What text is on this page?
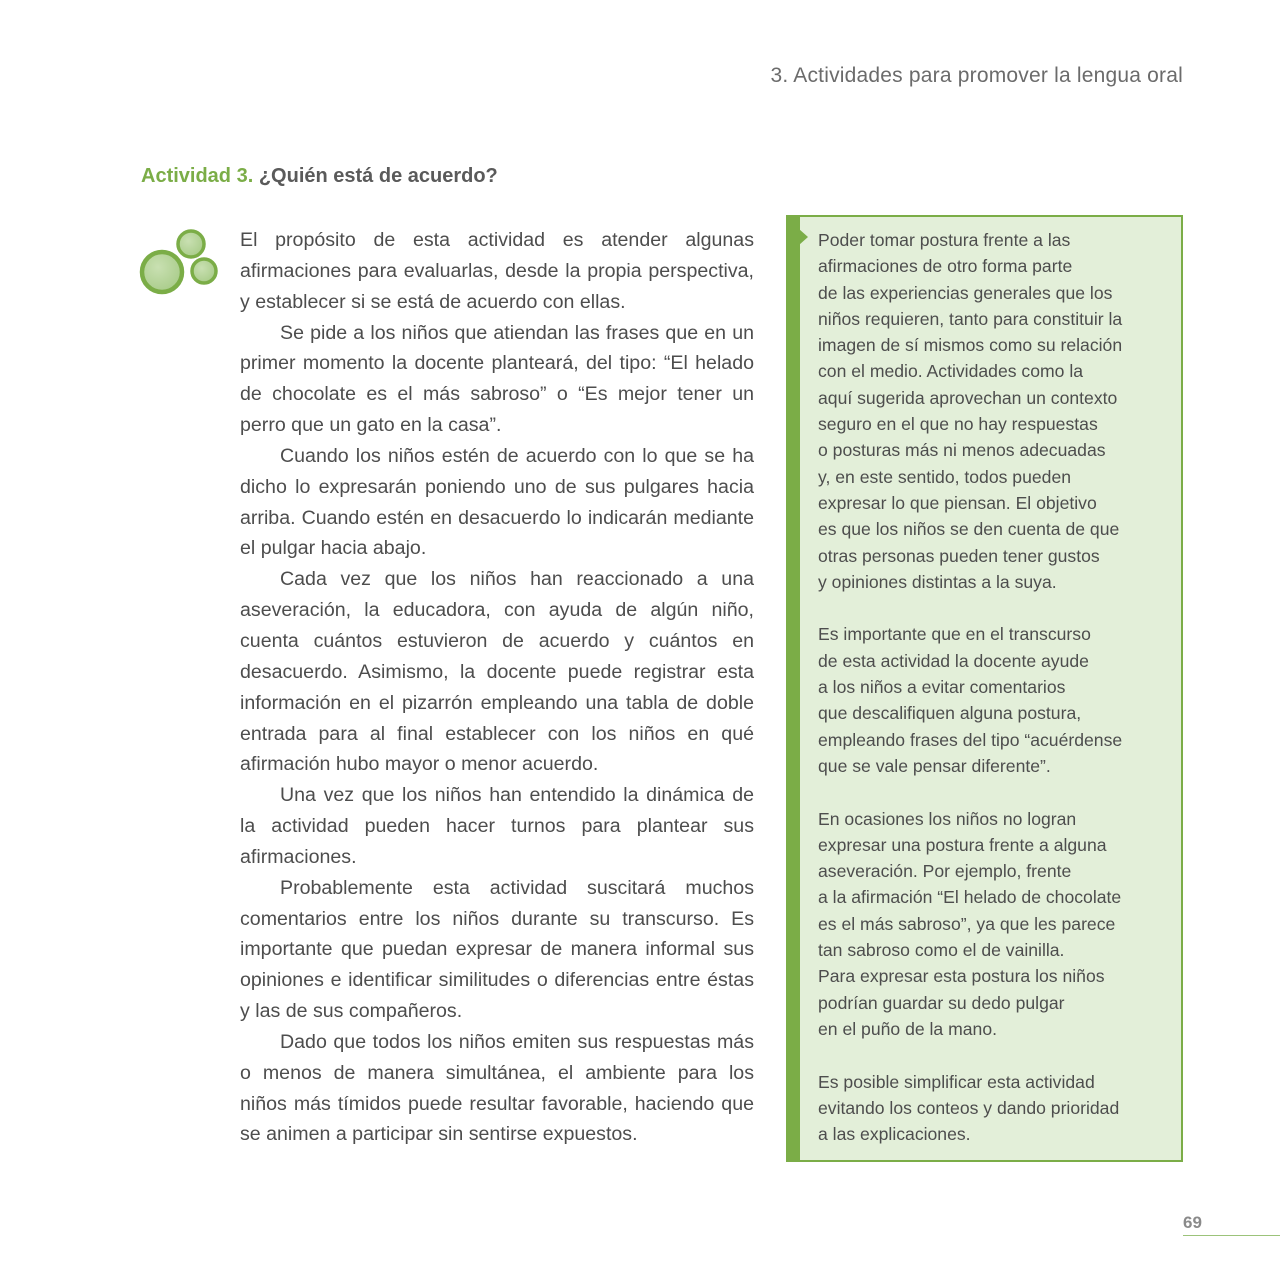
3. Actividades para promover la lengua oral
Actividad 3. ¿Quién está de acuerdo?

El propósito de esta actividad es atender algunas afirmaciones para evaluarlas, desde la propia perspectiva, y establecer si se está de acuerdo con ellas.

Se pide a los niños que atiendan las frases que en un primer momento la docente planteará, del tipo: “El helado de chocolate es el más sabroso” o “Es mejor tener un perro que un gato en la casa”.

Cuando los niños estén de acuerdo con lo que se ha dicho lo expresarán poniendo uno de sus pulgares hacia arriba. Cuando estén en desacuerdo lo indicarán mediante el pulgar hacia abajo.

Cada vez que los niños han reaccionado a una aseveración, la educadora, con ayuda de algún niño, cuenta cuántos estuvieron de acuerdo y cuántos en desacuerdo. Asimismo, la docente puede registrar esta información en el pizarrón empleando una tabla de doble entrada para al final establecer con los niños en qué afirmación hubo mayor o menor acuerdo.

Una vez que los niños han entendido la dinámica de la actividad pueden hacer turnos para plantear sus afirmaciones.

Probablemente esta actividad suscitará muchos comentarios entre los niños durante su transcurso. Es importante que puedan expresar de manera informal sus opiniones e identificar similitudes o diferencias entre éstas y las de sus compañeros.

Dado que todos los niños emiten sus respuestas más o menos de manera simultánea, el ambiente para los niños más tímidos puede resultar favorable, haciendo que se animen a participar sin sentirse expuestos.

Poder tomar postura frente a las
afirmaciones de otro forma parte
de las experiencias generales que los
niños requieren, tanto para constituir la
imagen de sí mismos como su relación
con el medio. Actividades como la
aquí sugerida aprovechan un contexto
seguro en el que no hay respuestas
o posturas más ni menos adecuadas
y, en este sentido, todos pueden
expresar lo que piensan. El objetivo
es que los niños se den cuenta de que
otras personas pueden tener gustos
y opiniones distintas a la suya.

Es importante que en el transcurso
de esta actividad la docente ayude
a los niños a evitar comentarios
que descalifiquen alguna postura,
empleando frases del tipo “acuérdense
que se vale pensar diferente”.

En ocasiones los niños no logran
expresar una postura frente a alguna
aseveración. Por ejemplo, frente
a la afirmación “El helado de chocolate
es el más sabroso”, ya que les parece
tan sabroso como el de vainilla.
Para expresar esta postura los niños
podrían guardar su dedo pulgar
en el puño de la mano.

Es posible simplificar esta actividad
evitando los conteos y dando prioridad
a las explicaciones.

69
